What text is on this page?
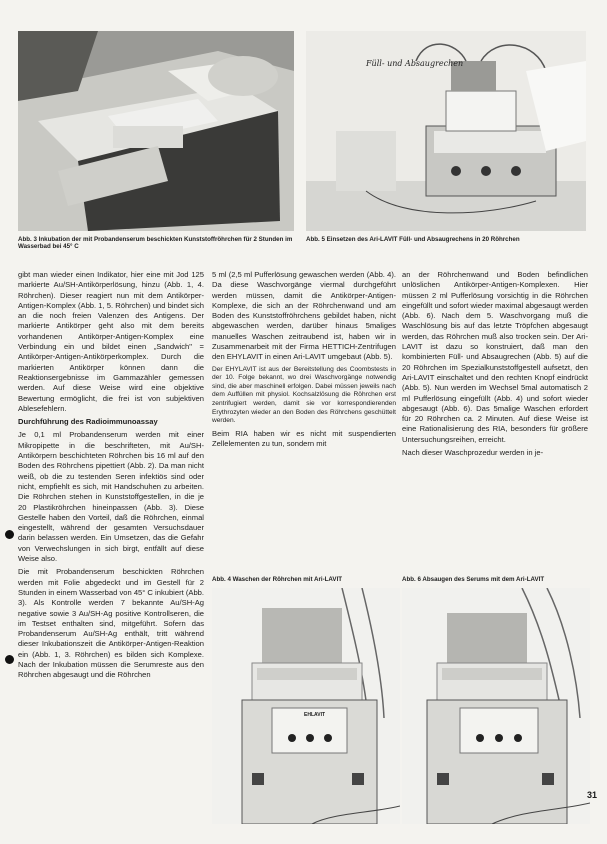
Abb. 3 Inkubation der mit Probandenserum beschickten Kunststoffröhrchen für 2 Stunden im Wasserbad bei 45° C
Füll- und Absaugrechen
Abb. 5 Einsetzen des Ari-LAVIT Füll- und Absaugrechens in 20 Röhrchen

gibt man wieder einen Indikator, hier eine mit Jod 125 markierte Au/SH-Antikörperlösung, hinzu (Abb. 1, 4. Röhrchen). Dieser reagiert nun mit dem Antikörper-Antigen-Komplex (Abb. 1, 5. Röhrchen) und bindet sich an die noch freien Valenzen des Antigens. Der markierte Antikörper geht also mit dem bereits vorhandenen Antikörper-Antigen-Komplex eine Verbindung ein und bildet einen „Sandwich" = Antikörper-Antigen-Antikörperkomplex. Durch die markierten Antikörper können dann die Reaktionsergebnisse im Gammazähler gemessen werden. Auf diese Weise wird eine objektive Bewertung ermöglicht, die frei ist von subjektiven Ablesefehlern.

Durchführung des Radioimmunoassay

Je 0,1 ml Probandenserum werden mit einer Mikropipette in die beschrifteten, mit Au/SH-Antikörpern beschichteten Röhrchen bis 16 ml auf den Boden des Röhrchens pipettiert (Abb. 2). Da man nicht weiß, ob die zu testenden Seren infektiös sind oder nicht, empfiehlt es sich, mit Handschuhen zu arbeiten. Die Röhrchen stehen in Kunststoffgestellen, in die je 20 Plastikröhrchen hineinpassen (Abb. 3). Diese Gestelle haben den Vorteil, daß die Röhrchen, einmal eingestellt, während der gesamten Versuchsdauer darin belassen werden. Ein Umsetzen, das die Gefahr von Verwechslungen in sich birgt, entfällt auf diese Weise also.

Die mit Probandenserum beschickten Röhrchen werden mit Folie abgedeckt und im Gestell für 2 Stunden in einem Wasserbad von 45° C inkubiert (Abb. 3). Als Kontrolle werden 7 bekannte Au/SH-Ag negative sowie 3 Au/SH-Ag positive Kontrollseren, die im Testset enthalten sind, mitgeführt. Sofern das Probandenserum Au/SH-Ag enthält, tritt während dieser Inkubationszeit die Antikörper-Antigen-Reaktion ein (Abb. 1, 3. Röhrchen) es bilden sich Komplexe. Nach der Inkubation müssen die Serumreste aus den Röhrchen abgesaugt und die Röhrchen

5 ml (2,5 ml Pufferlösung gewaschen werden (Abb. 4). Da diese Waschvorgänge viermal durchgeführt werden müssen, damit die Antikörper-Antigen-Komplexe, die sich an der Röhrchenwand und am Boden des Kunststoffröhrchens gebildet haben, nicht abgewaschen werden, darüber hinaus 5maliges manuelles Waschen zeitraubend ist, haben wir in Zusammenarbeit mit der Firma HETTICH-Zentrifugen den EHYLAVIT in einen Ari-LAVIT umgebaut (Abb. 5).

Der EHYLAVIT ist aus der Bereitstellung des Coombstests in der 10. Folge bekannt, wo drei Waschvorgänge notwendig sind, die aber maschinell erfolgen. Dabei müssen jeweils nach dem Auffüllen mit physiol. Kochsalzlösung die Röhrchen erst zentrifugiert werden, damit sie vor korrespondierenden Erythrozyten wieder an den Boden des Röhrchens geschüttelt werden.

Beim RIA haben wir es nicht mit suspendierten Zellelementen zu tun, sondern mit

an der Röhrchenwand und Boden befindlichen unlöslichen Antikörper-Antigen-Komplexen. Hier müssen 2 ml Pufferlösung vorsichtig in die Röhrchen eingefüllt und sofort wieder maximal abgesaugt werden (Abb. 6). Nach dem 5. Waschvorgang muß die Waschlösung bis auf das letzte Tröpfchen abgesaugt werden, das Röhrchen muß also trocken sein. Der Ari-LAVIT ist dazu so konstruiert, daß man den kombinierten Füll- und Absaugrechen (Abb. 5) auf die 20 Röhrchen im Spezialkunststoffgestell aufsetzt, den Ari-LAVIT einschaltet und den rechten Knopf eindrückt (Abb. 5). Nun werden im Wechsel 5mal automatisch 2 ml Pufferlösung eingefüllt (Abb. 4) und sofort wieder abgesaugt (Abb. 6). Das 5malige Waschen erfordert für 20 Röhrchen ca. 2 Minuten. Auf diese Weise ist eine Rationalisierung des RIA, besonders für größere Untersuchungsreihen, erreicht.

Nach dieser Waschprozedur werden in je-

Abb. 4 Waschen der Röhrchen mit Ari-LAVIT
EHLAVIT
Abb. 6 Absaugen des Serums mit dem Ari-LAVIT
31
